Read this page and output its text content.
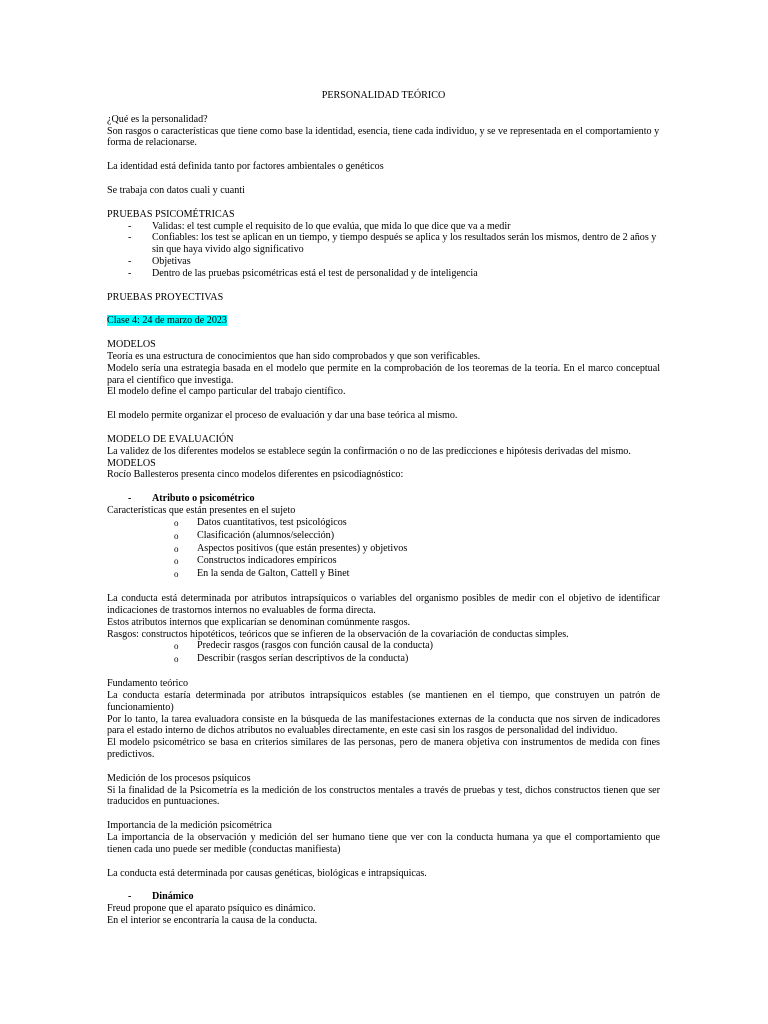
PERSONALIDAD TEÓRICO

¿Qué es la personalidad?

Son rasgos o características que tiene como base la identidad, esencia, tiene cada individuo, y se ve representada en el comportamiento y forma de relacionarse.

La identidad está definida tanto por factores ambientales o genéticos

Se trabaja con datos cuali y cuanti

PRUEBAS PSICOMÉTRICAS

- Validas: el test cumple el requisito de lo que evalúa, que mida lo que dice que va a medir
- Confiables: los test se aplican en un tiempo, y tiempo después se aplica y los resultados serán los mismos, dentro de 2 años y sin que haya vivido algo significativo
- Objetivas
- Dentro de las pruebas psicométricas está el test de personalidad y de inteligencia

PRUEBAS PROYECTIVAS

Clase 4: 24 de marzo de 2023

MODELOS

Teoría es una estructura de conocimientos que han sido comprobados y que son verificables.

Modelo sería una estrategia basada en el modelo que permite en la comprobación de los teoremas de la teoría. En el marco conceptual para el científico que investiga.

El modelo define el campo particular del trabajo científico.

El modelo permite organizar el proceso de evaluación y dar una base teórica al mismo.

MODELO DE EVALUACIÓN

La validez de los diferentes modelos se establece según la confirmación o no de las predicciones e hipótesis derivadas del mismo.

MODELOS

Rocío Ballesteros presenta cinco modelos diferentes en psicodiagnóstico:

- Atributo o psicométrico

Características que están presentes en el sujeto

o Datos cuantitativos, test psicológicos
o Clasificación (alumnos/selección)
o Aspectos positivos (que están presentes) y objetivos
o Constructos indicadores empíricos
o En la senda de Galton, Cattell y Binet

La conducta está determinada por atributos intrapsíquicos o variables del organismo posibles de medir con el objetivo de identificar indicaciones de trastornos internos no evaluables de forma directa.

Estos atributos internos que explicarían se denominan comúnmente rasgos.

Rasgos: constructos hipotéticos, teóricos que se infieren de la observación de la covariación de conductas simples.

o Predecir rasgos (rasgos con función causal de la conducta)
o Describir (rasgos serían descriptivos de la conducta)

Fundamento teórico

La conducta estaría determinada por atributos intrapsíquicos estables (se mantienen en el tiempo, que construyen un patrón de funcionamiento)

Por lo tanto, la tarea evaluadora consiste en la búsqueda de las manifestaciones externas de la conducta que nos sirven de indicadores para el estado interno de dichos atributos no evaluables directamente, en este casi sin los rasgos de personalidad del individuo.

El modelo psicométrico se basa en criterios similares de las personas, pero de manera objetiva con instrumentos de medida con fines predictivos.

Medición de los procesos psíquicos

Si la finalidad de la Psicometría es la medición de los constructos mentales a través de pruebas y test, dichos constructos tienen que ser traducidos en puntuaciones.

Importancia de la medición psicométrica

La importancia de la observación y medición del ser humano tiene que ver con la conducta humana ya que el comportamiento que tienen cada uno puede ser medible (conductas manifiesta)

La conducta está determinada por causas genéticas, biológicas e intrapsíquicas.

- Dinámico

Freud propone que el aparato psíquico es dinámico.

En el interior se encontraría la causa de la conducta.
